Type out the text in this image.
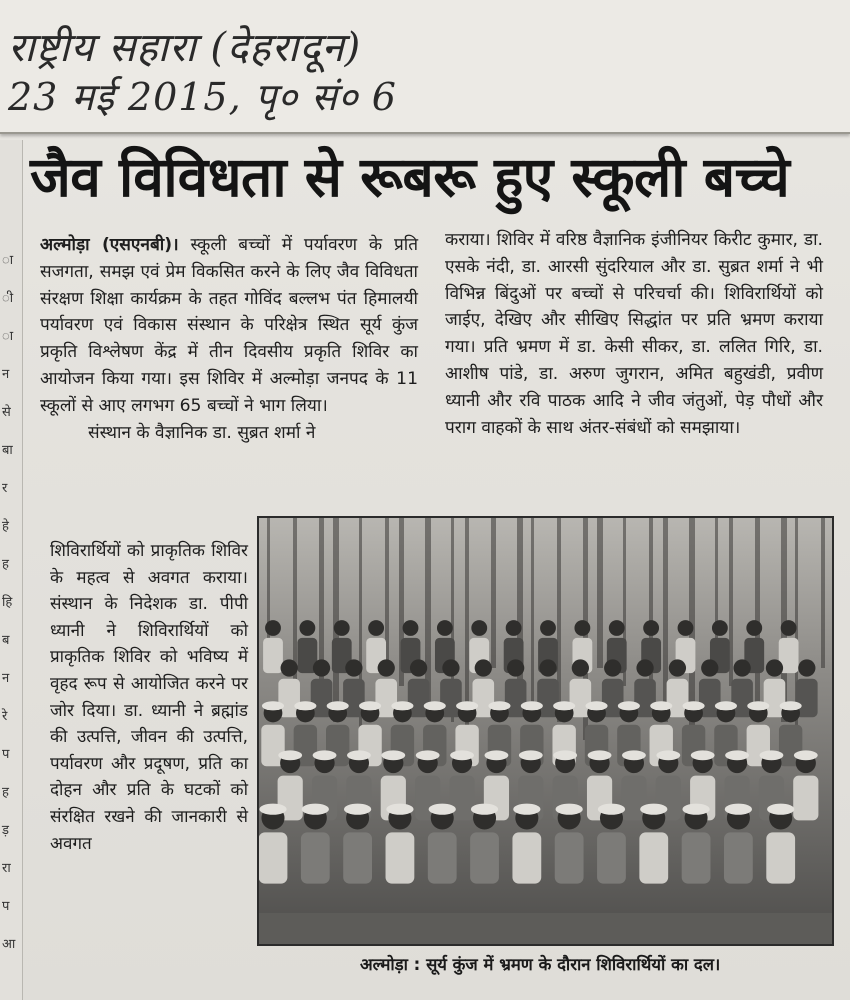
राष्ट्रीय सहारा (देहरादून)
23 मई 2015, पृ० सं० 6
ा
ी
ा
न
से
बा
र
हे
ह
हि
ब
न
रे
प
ह
ड़
रा
प
आ
जैव विविधता से रूबरू हुए स्कूली बच्चे

अल्मोड़ा (एसएनबी)। स्कूली बच्चों में पर्यावरण के प्रति सजगता, समझ एवं प्रेम विकसित करने के लिए जैव विविधता संरक्षण शिक्षा कार्यक्रम के तहत गोविंद बल्लभ पंत हिमालयी पर्यावरण एवं विकास संस्थान के परिक्षेत्र स्थित सूर्य कुंज प्रकृति विश्लेषण केंद्र में तीन दिवसीय प्रकृति शिविर का आयोजन किया गया। इस शिविर में अल्मोड़ा जनपद के 11 स्कूलों से आए लगभग 65 बच्चों ने भाग लिया।

संस्थान के वैज्ञानिक डा. सुब्रत शर्मा ने

शिविरार्थियों को प्राकृतिक शिविर के महत्व से अवगत कराया। संस्थान के निदेशक डा. पीपी ध्यानी ने शिविरार्थियों को प्राकृतिक शिविर को भविष्य में वृहद रूप से आयोजित करने पर जोर दिया। डा. ध्यानी ने ब्रह्मांड की उत्पत्ति, जीवन की उत्पत्ति, पर्यावरण और प्रदूषण, प्रति का दोहन और प्रति के घटकों को संरक्षित रखने की जानकारी से अवगत

कराया। शिविर में वरिष्ठ वैज्ञानिक इंजीनियर किरीट कुमार, डा. एसके नंदी, डा. आरसी सुंदरियाल और डा. सुब्रत शर्मा ने भी विभिन्न बिंदुओं पर बच्चों से परिचर्चा की। शिविरार्थियों को जाईए, देखिए और सीखिए सिद्धांत पर प्रति भ्रमण कराया गया। प्रति भ्रमण में डा. केसी सीकर, डा. ललित गिरि, डा. आशीष पांडे, डा. अरुण जुगरान, अमित बहुखंडी, प्रवीण ध्यानी और रवि पाठक आदि ने जीव जंतुओं, पेड़ पौधों और पराग वाहकों के साथ अंतर-संबंधों को समझाया।

अल्मोड़ा : सूर्य कुंज में भ्रमण के दौरान शिविरार्थियों का दल।
